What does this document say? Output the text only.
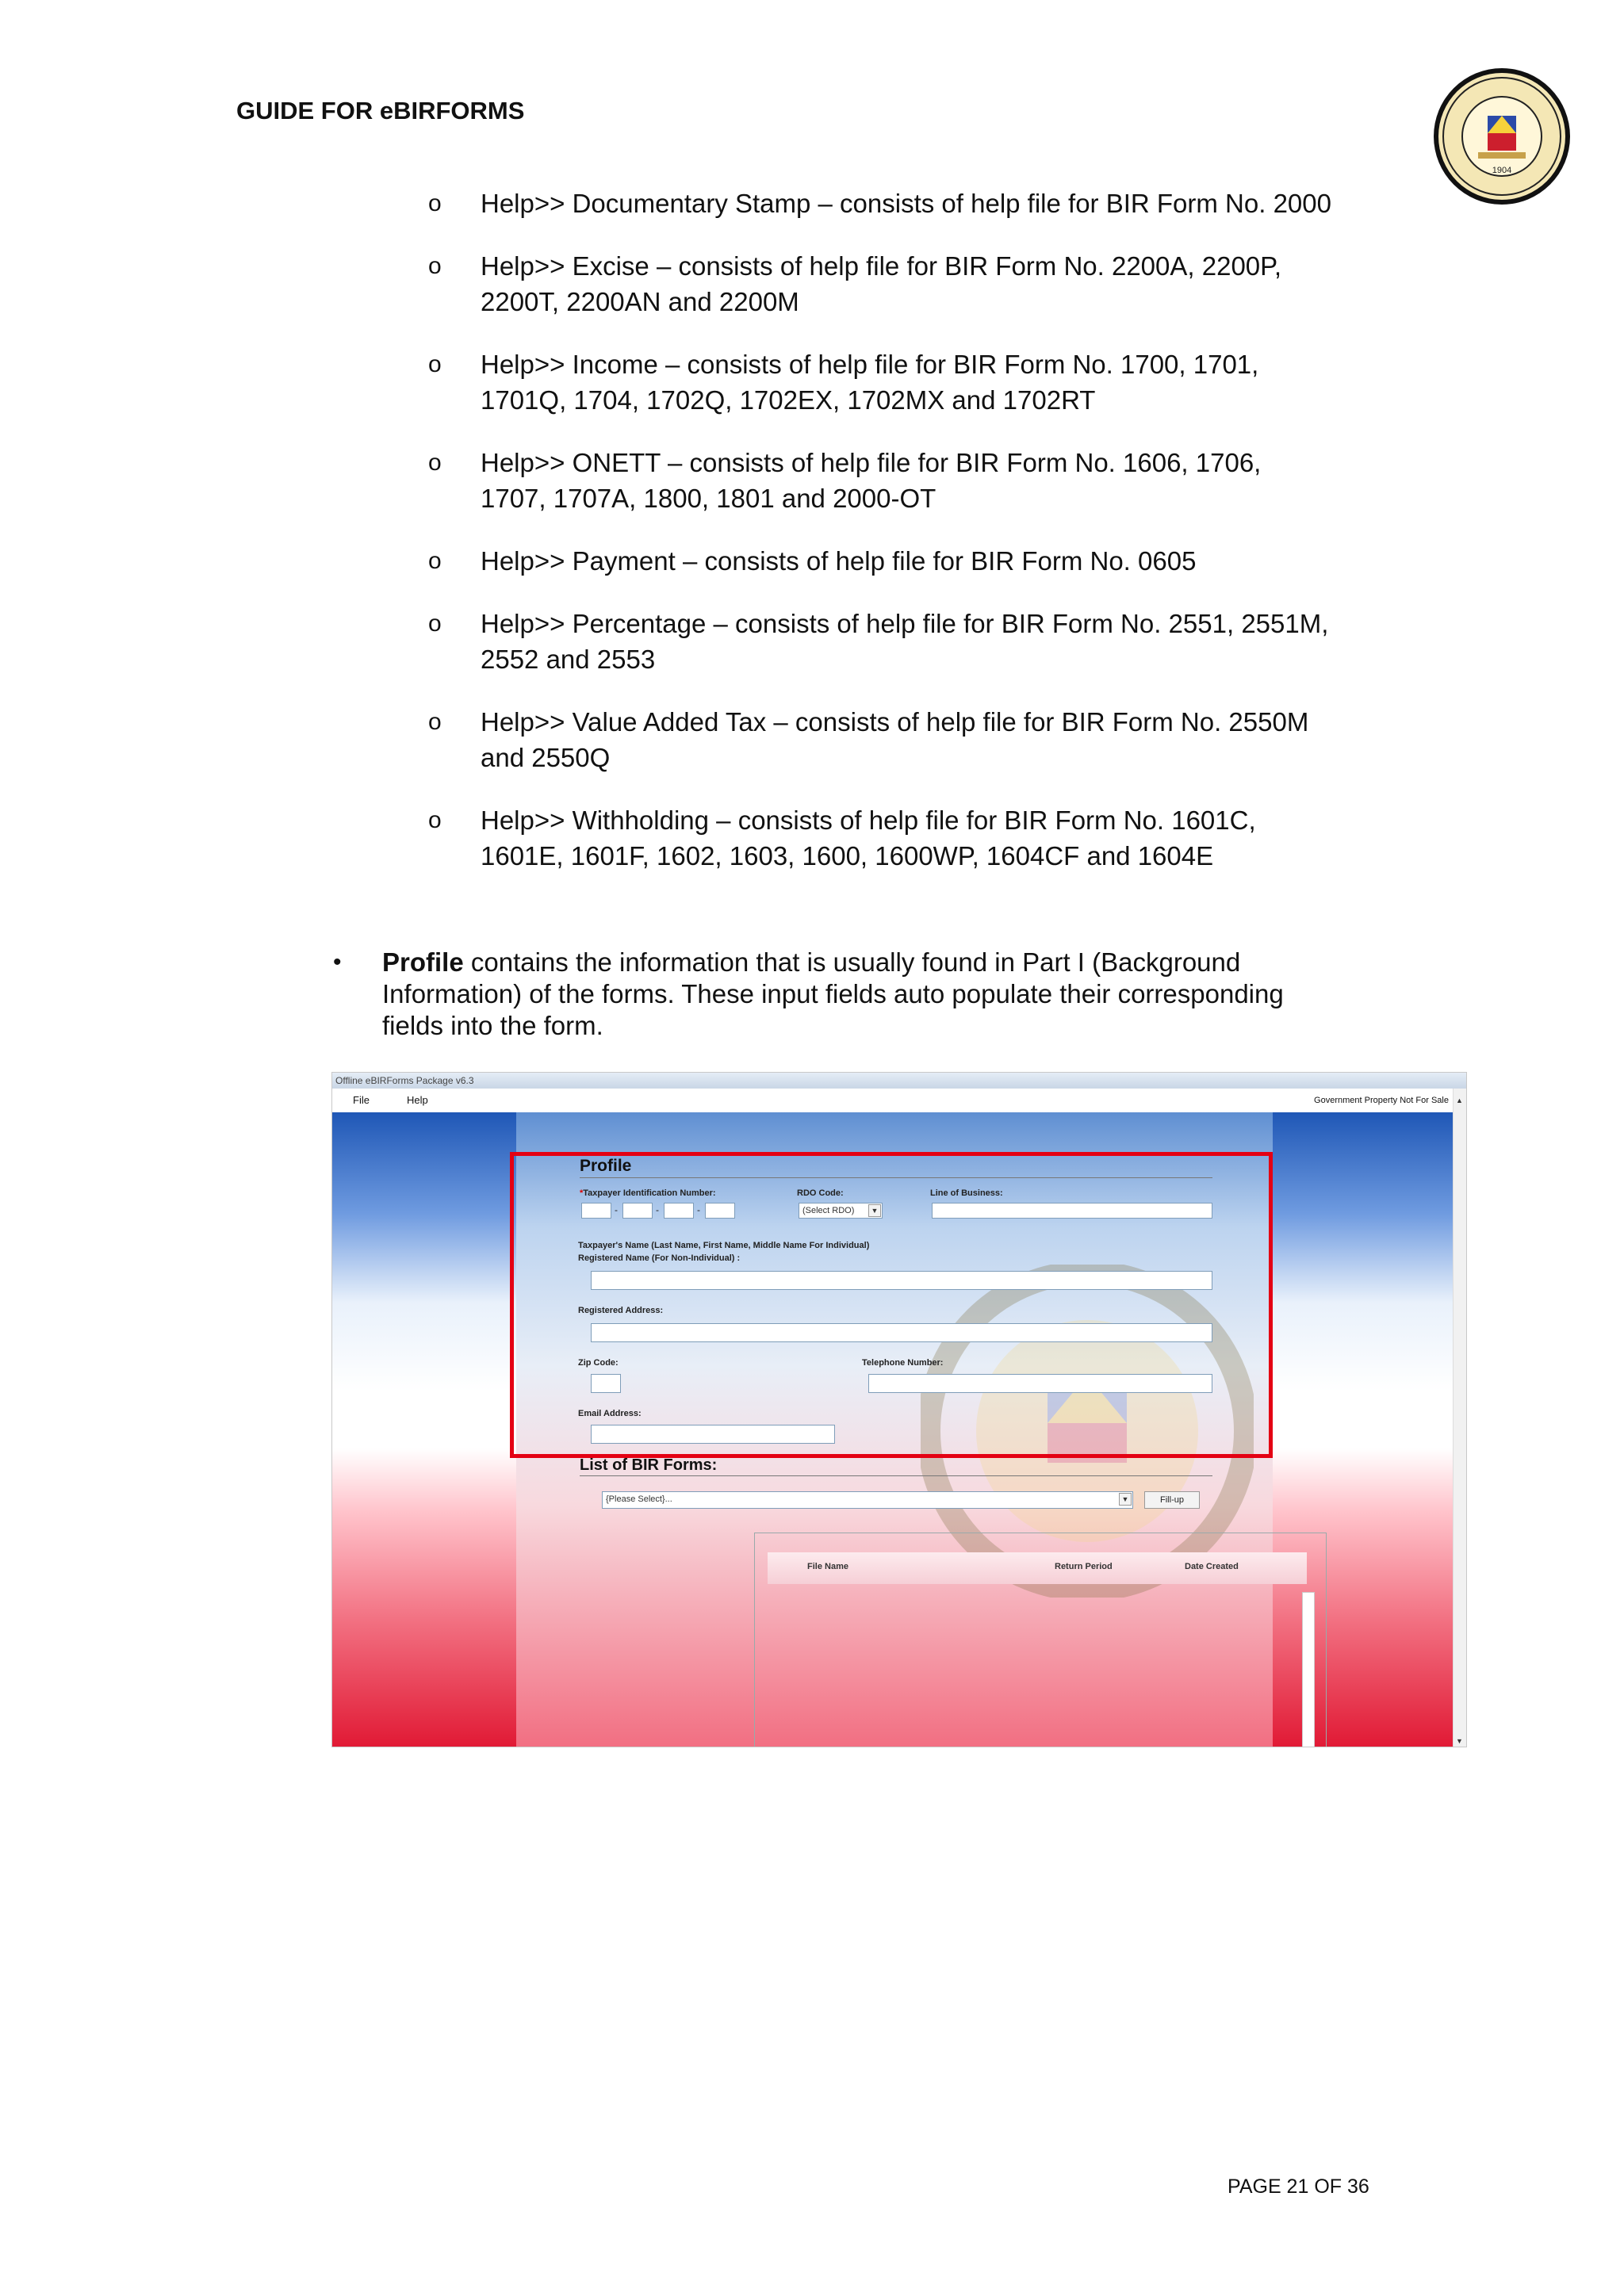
GUIDE FOR eBIRFORMS
1904
o Help>> Documentary Stamp – consists of help file for BIR Form No. 2000
o Help>> Excise – consists of help file for BIR Form No. 2200A, 2200P,
2200T, 2200AN and 2200M
o Help>> Income – consists of help file for BIR Form No. 1700, 1701,
1701Q, 1704, 1702Q, 1702EX, 1702MX and 1702RT
o Help>> ONETT – consists of help file for BIR Form No. 1606, 1706,
1707, 1707A, 1800, 1801 and 2000-OT
o Help>> Payment – consists of help file for BIR Form No. 0605
o Help>> Percentage – consists of help file for BIR Form No. 2551, 2551M,
2552 and 2553
o Help>> Value Added Tax – consists of help file for BIR Form No. 2550M
and 2550Q
o Help>> Withholding – consists of help file for BIR Form No. 1601C,
1601E, 1601F, 1602, 1603, 1600, 1600WP, 1604CF and 1604E
• Profile contains the information that is usually found in Part I (Background
Information) of the forms. These input fields auto populate their corresponding
fields into the form.
Offline eBIRForms Package v6.3
File	Help	Government Property Not For Sale
Profile
*Taxpayer Identification Number:
-	-	-
RDO Code:
(Select RDO)	▼
Line of Business:
Taxpayer's Name (Last Name, First Name, Middle Name For Individual)
Registered Name (For Non-Individual) :
Registered Address:
Zip Code:	Telephone Number:
Email Address:
List of BIR Forms:
{Please Select}...	▼	Fill-up
File Name	Return Period	Date Created
▲
▼
PAGE 21 OF 36
